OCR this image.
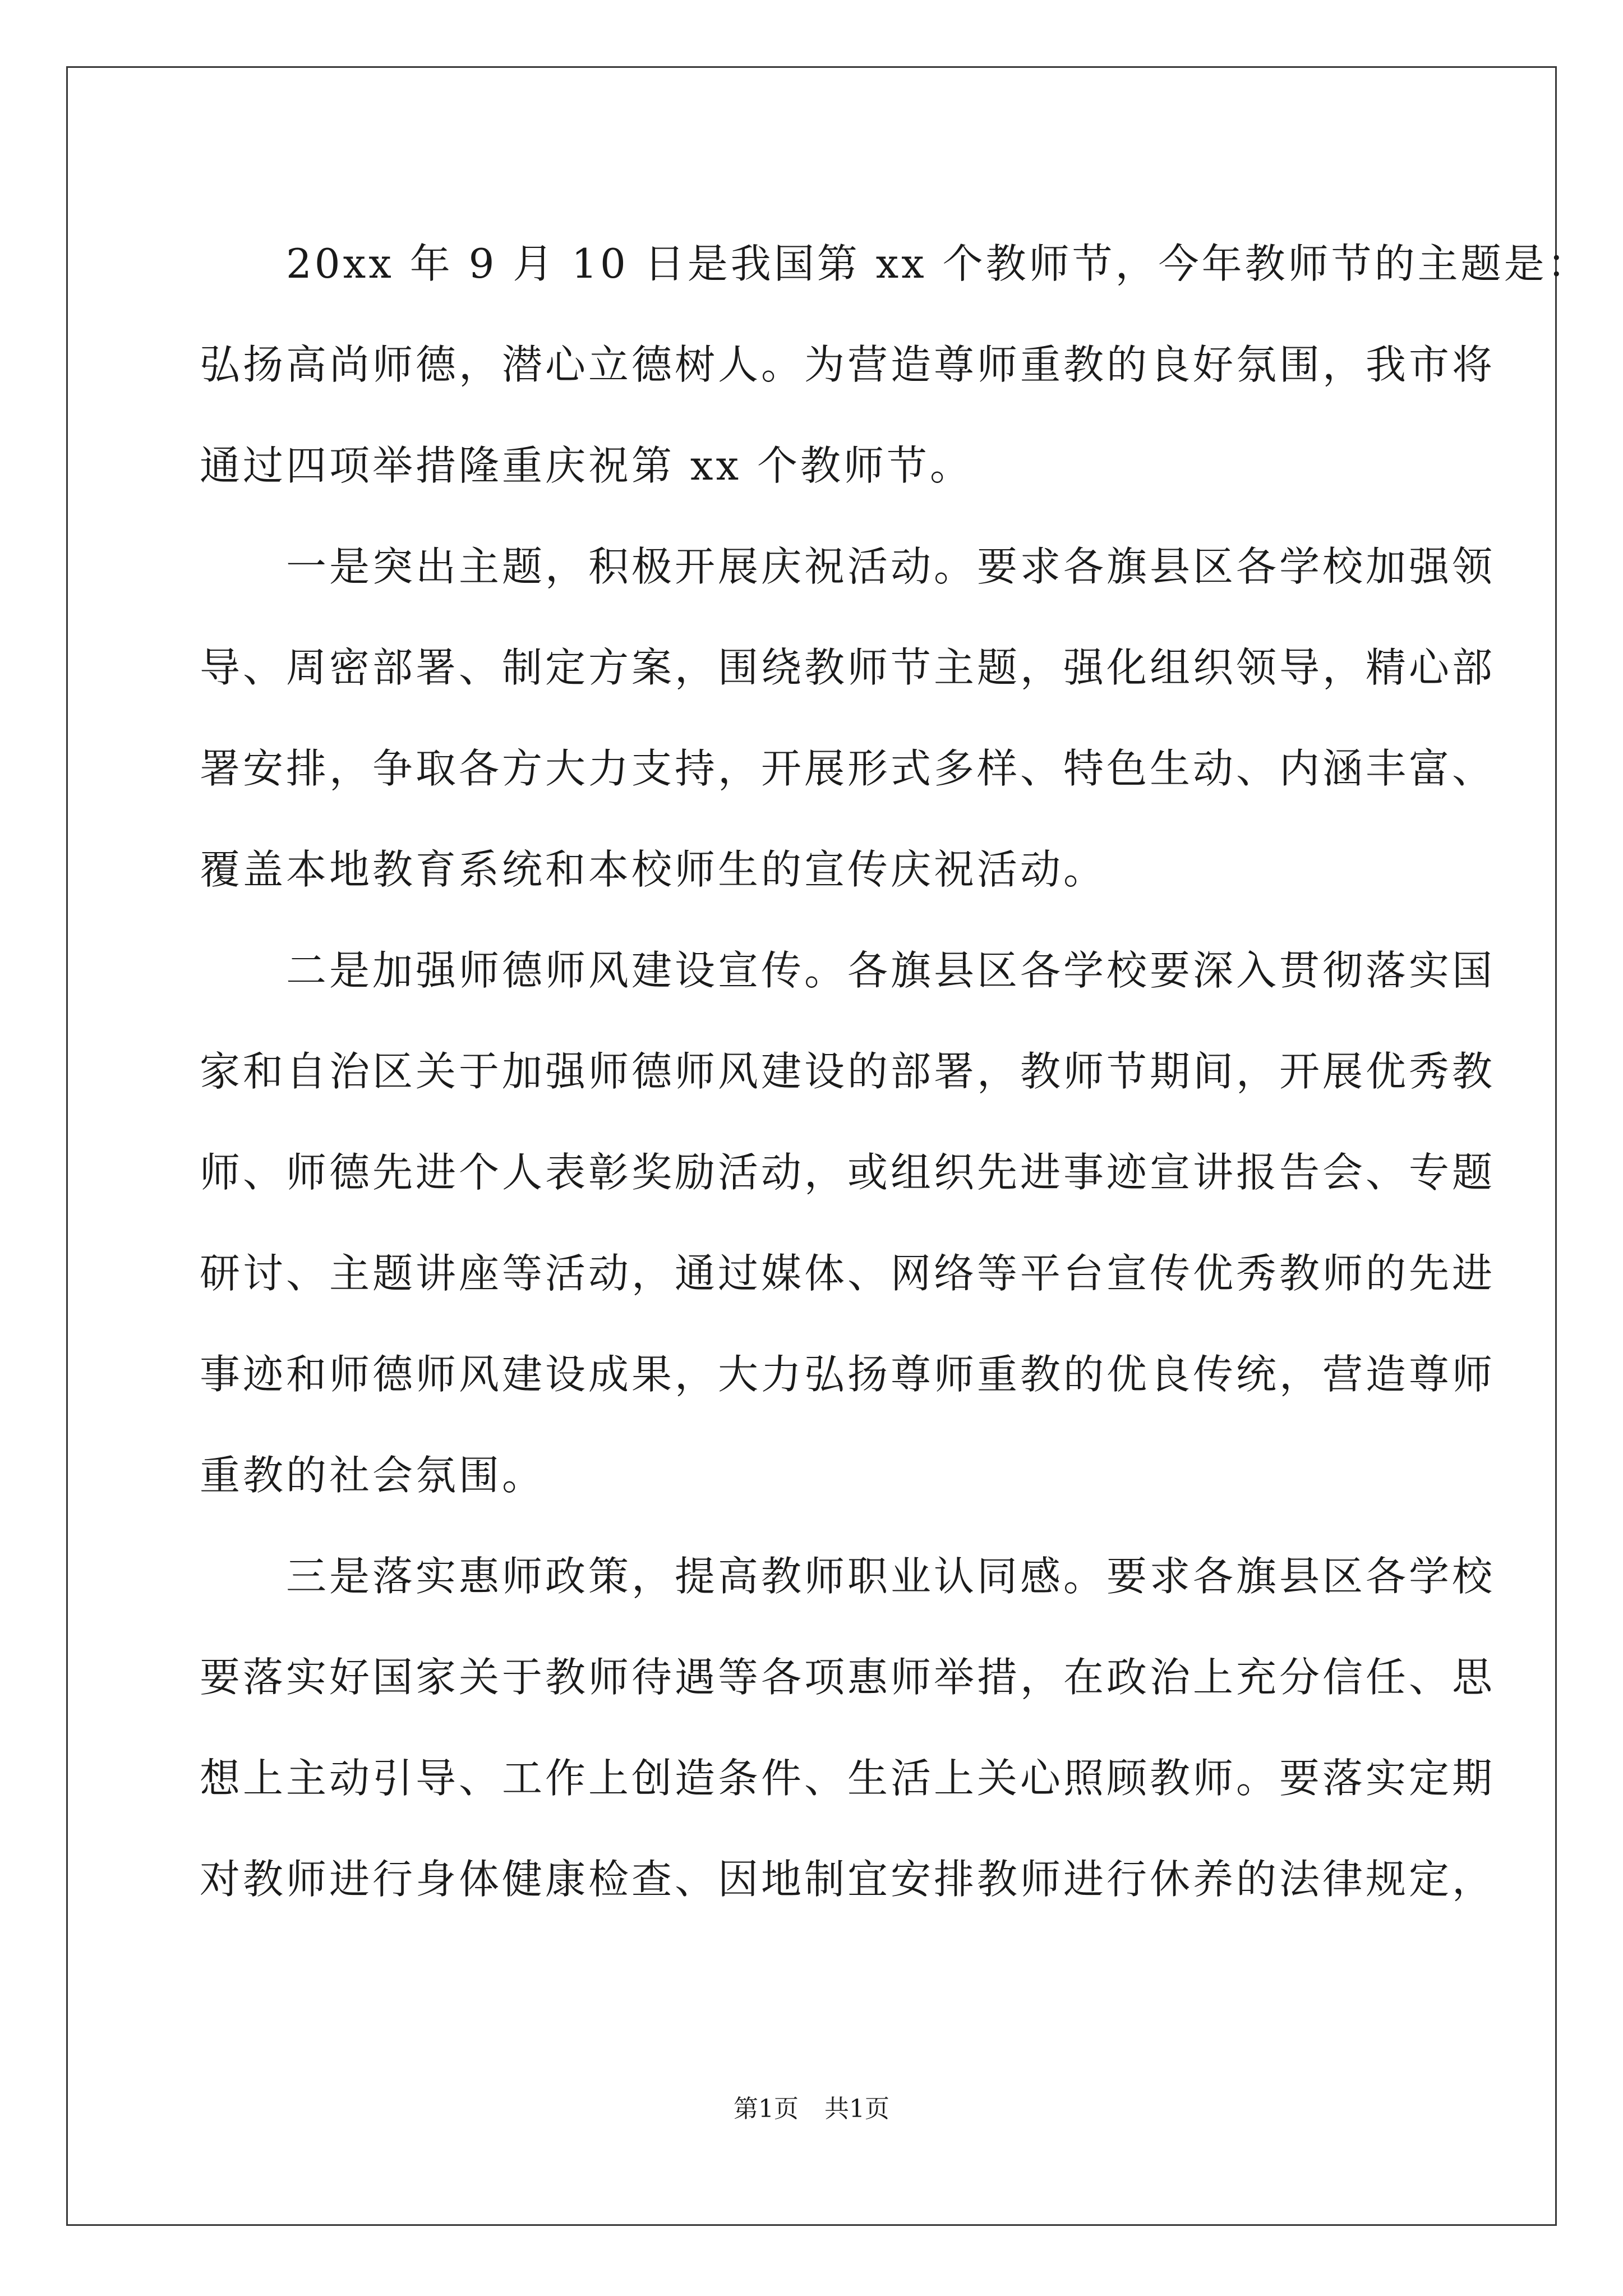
　　20xx 年 9 月 10 日是我国第 xx 个教师节，今年教师节的主题是：
弘扬高尚师德，潜心立德树人。为营造尊师重教的良好氛围，我市将
通过四项举措隆重庆祝第 xx 个教师节。
　　一是突出主题，积极开展庆祝活动。要求各旗县区各学校加强领
导、周密部署、制定方案，围绕教师节主题，强化组织领导，精心部
署安排，争取各方大力支持，开展形式多样、特色生动、内涵丰富、
覆盖本地教育系统和本校师生的宣传庆祝活动。
　　二是加强师德师风建设宣传。各旗县区各学校要深入贯彻落实国
家和自治区关于加强师德师风建设的部署，教师节期间，开展优秀教
师、师德先进个人表彰奖励活动，或组织先进事迹宣讲报告会、专题
研讨、主题讲座等活动，通过媒体、网络等平台宣传优秀教师的先进
事迹和师德师风建设成果，大力弘扬尊师重教的优良传统，营造尊师
重教的社会氛围。
　　三是落实惠师政策，提高教师职业认同感。要求各旗县区各学校
要落实好国家关于教师待遇等各项惠师举措，在政治上充分信任、思
想上主动引导、工作上创造条件、生活上关心照顾教师。要落实定期
对教师进行身体健康检查、因地制宜安排教师进行休养的法律规定，
第1页 共1页
